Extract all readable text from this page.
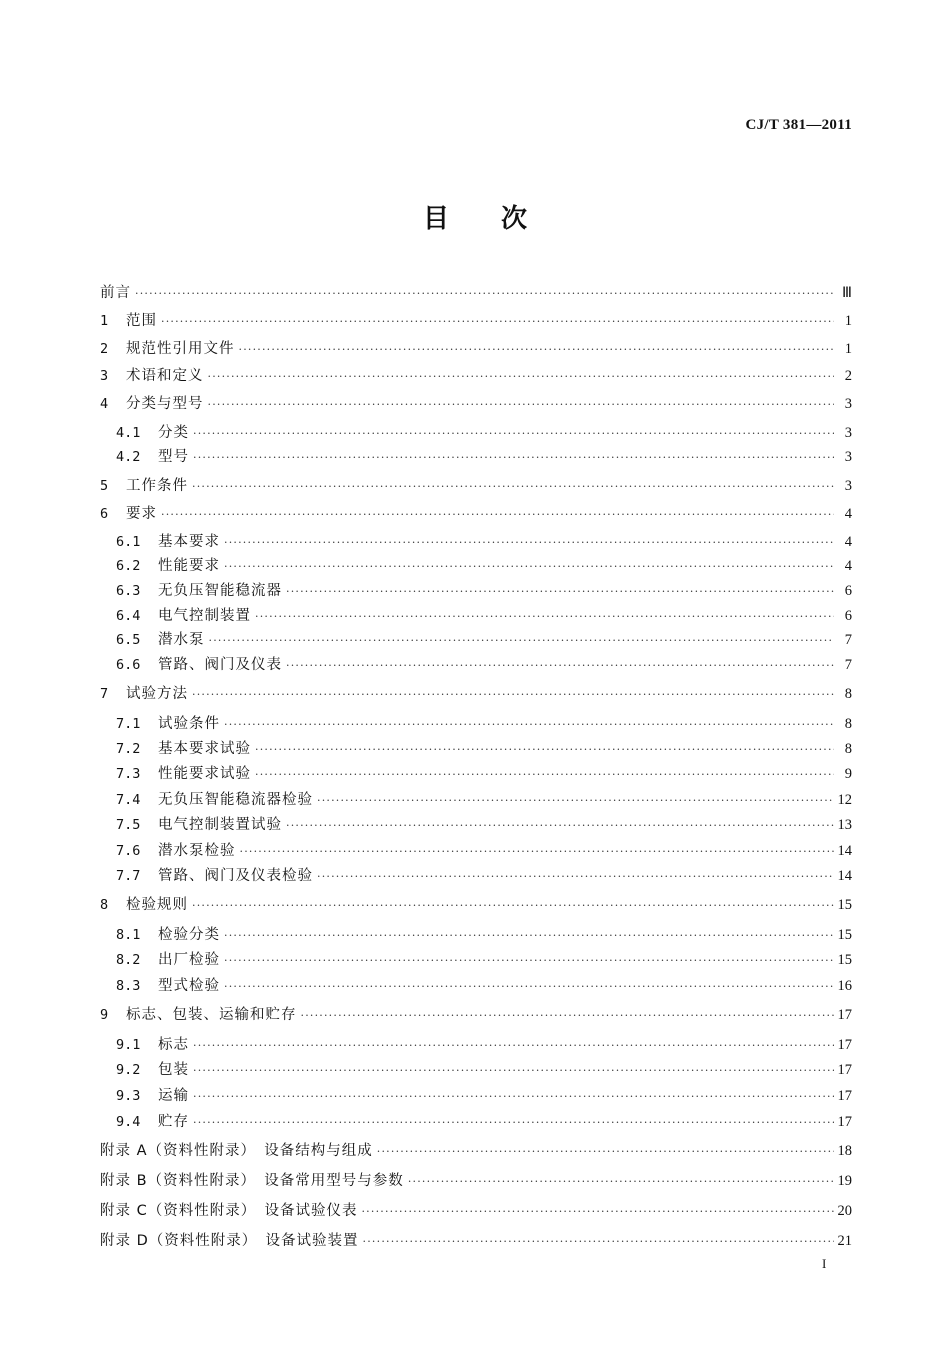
CJ/T 381—2011
目 次
前言 ·····	Ⅲ
1	范围 ·····	1
2	规范性引用文件 ·····	1
3	术语和定义 ·····	2
4	分类与型号 ·····	3
4.1	分类 ·····	3
4.2	型号 ·····	3
5	工作条件 ·····	3
6	要求 ·····	4
6.1	基本要求 ·····	4
6.2	性能要求 ·····	4
6.3	无负压智能稳流器 ·····	6
6.4	电气控制装置 ·····	6
6.5	潜水泵 ·····	7
6.6	管路、阀门及仪表 ·····	7
7	试验方法 ·····	8
7.1	试验条件 ·····	8
7.2	基本要求试验 ·····	8
7.3	性能要求试验 ·····	9
7.4	无负压智能稳流器检验 ·····	12
7.5	电气控制装置试验 ·····	13
7.6	潜水泵检验 ·····	14
7.7	管路、阀门及仪表检验 ·····	14
8	检验规则 ·····	15
8.1	检验分类 ·····	15
8.2	出厂检验 ·····	15
8.3	型式检验 ·····	16
9	标志、包装、运输和贮存 ·····	17
9.1	标志 ·····	17
9.2	包装 ·····	17
9.3	运输 ·····	17
9.4	贮存 ·····	17
附录 A（资料性附录）　设备结构与组成 ·····	18
附录 B（资料性附录）　设备常用型号与参数 ·····	19
附录 C（资料性附录）　设备试验仪表 ·····	20
附录 D（资料性附录）　设备试验装置 ·····	21
I
